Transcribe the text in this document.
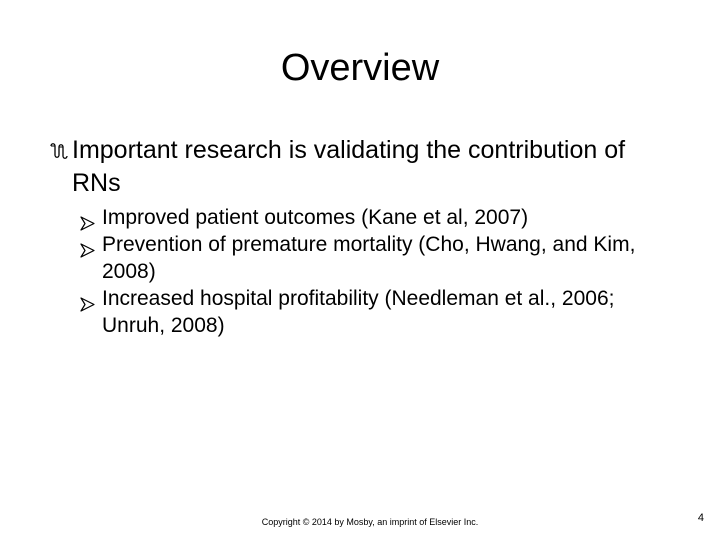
Overview
Important research is validating the contribution of RNs
Improved patient outcomes (Kane et al, 2007)
Prevention of premature mortality (Cho, Hwang, and Kim, 2008)
Increased hospital profitability (Needleman et al., 2006; Unruh, 2008)
Copyright © 2014 by Mosby, an imprint of Elsevier Inc.	4
